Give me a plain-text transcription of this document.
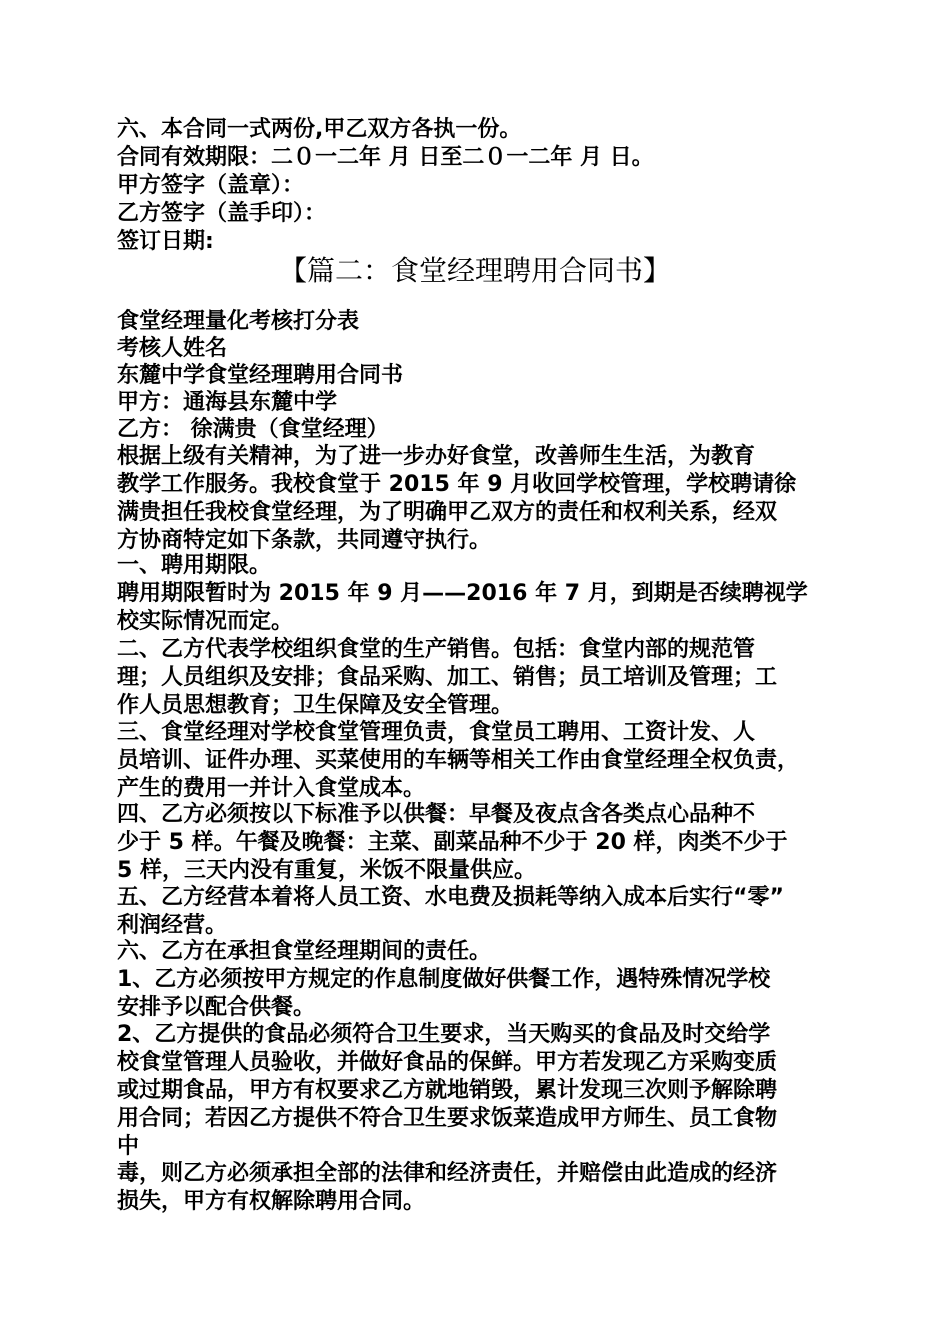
六、本合同一式两份,甲乙双方各执一份。
合同有效期限：二０一二年 月 日至二０一二年 月 日。
甲方签字（盖章）：
乙方签字（盖手印）：
签订日期:
【篇二：食堂经理聘用合同书】
食堂经理量化考核打分表
考核人姓名
东麓中学食堂经理聘用合同书
甲方：通海县东麓中学
乙方： 徐满贵（食堂经理）
根据上级有关精神，为了进一步办好食堂，改善师生生活，为教育
教学工作服务。我校食堂于 2015 年 9 月收回学校管理，学校聘请徐
满贵担任我校食堂经理，为了明确甲乙双方的责任和权利关系，经双
方协商特定如下条款，共同遵守执行。
一、聘用期限。
聘用期限暂时为 2015 年 9 月——2016 年 7 月，到期是否续聘视学
校实际情况而定。
二、乙方代表学校组织食堂的生产销售。包括：食堂内部的规范管
理；人员组织及安排；食品采购、加工、销售；员工培训及管理；工
作人员思想教育；卫生保障及安全管理。
三、食堂经理对学校食堂管理负责，食堂员工聘用、工资计发、人
员培训、证件办理、买菜使用的车辆等相关工作由食堂经理全权负责，
产生的费用一并计入食堂成本。
四、乙方必须按以下标准予以供餐：早餐及夜点含各类点心品种不
少于 5 样。午餐及晚餐：主菜、副菜品种不少于 20 样，肉类不少于
5 样，三天内没有重复，米饭不限量供应。
五、乙方经营本着将人员工资、水电费及损耗等纳入成本后实行“零”
利润经营。
六、乙方在承担食堂经理期间的责任。
1、乙方必须按甲方规定的作息制度做好供餐工作，遇特殊情况学校
安排予以配合供餐。
2、乙方提供的食品必须符合卫生要求，当天购买的食品及时交给学
校食堂管理人员验收，并做好食品的保鲜。甲方若发现乙方采购变质
或过期食品，甲方有权要求乙方就地销毁，累计发现三次则予解除聘
用合同；若因乙方提供不符合卫生要求饭菜造成甲方师生、员工食物
中
毒，则乙方必须承担全部的法律和经济责任，并赔偿由此造成的经济
损失，甲方有权解除聘用合同。
